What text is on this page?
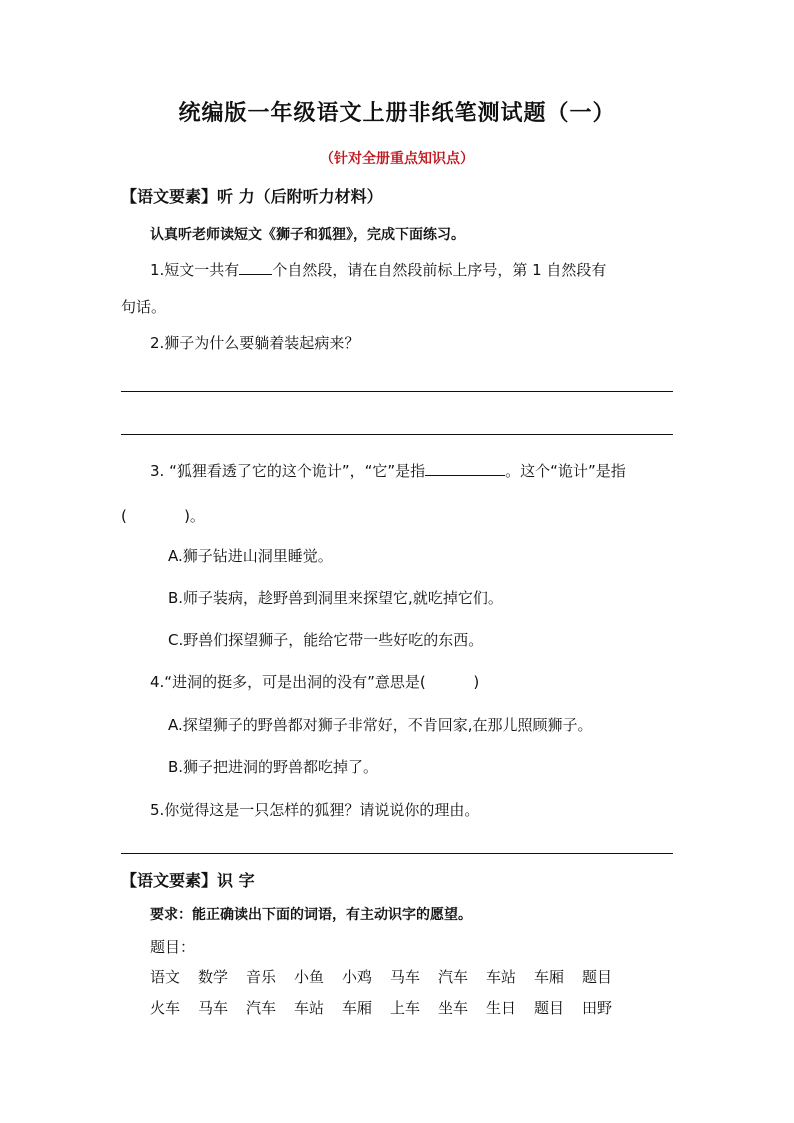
统编版一年级语文上册非纸笔测试题（一）
（针对全册重点知识点）
【语文要素】听 力（后附听力材料）
认真听老师读短文《狮子和狐狸》，完成下面练习。
1.短文一共有 个自然段，请在自然段前标上序号，第 1 自然段有
句话。
2.狮子为什么要躺着装起病来？
3. “狐狸看透了它的这个诡计”，“它”是指	。这个“诡计”是指
(            )。
A.狮子钻进山洞里睡觉。
B.师子装病，趁野兽到洞里来探望它,就吃掉它们。
C.野兽们探望狮子，能给它带一些好吃的东西。
4.“进洞的挺多，可是出洞的没有”意思是(          )
A.探望狮子的野兽都对狮子非常好，不肯回家,在那儿照顾狮子。
B.狮子把进洞的野兽都吃掉了。
5.你觉得这是一只怎样的狐狸？请说说你的理由。
【语文要素】识 字
要求：能正确读出下面的词语，有主动识字的愿望。
题目：
语文 数学 音乐 小鱼 小鸡 马车 汽车 车站 车厢 题目
火车 马车 汽车 车站 车厢 上车 坐车 生日 题目 田野
